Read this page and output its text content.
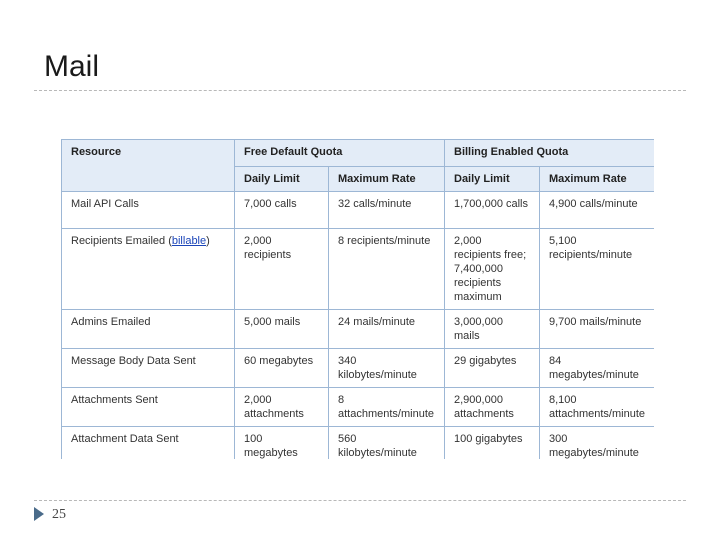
Mail
Resource	Free Default Quota		Billing Enabled Quota	
	Daily Limit	Maximum Rate	Daily Limit	Maximum Rate
Mail API Calls	7,000 calls	32 calls/minute	1,700,000 calls	4,900 calls/minute
Recipients Emailed (billable)	2,000 recipients	8 recipients/minute	2,000 recipients free; 7,400,000 recipients maximum	5,100 recipients/minute
Admins Emailed	5,000 mails	24 mails/minute	3,000,000 mails	9,700 mails/minute
Message Body Data Sent	60 megabytes	340 kilobytes/minute	29 gigabytes	84 megabytes/minute
Attachments Sent	2,000 attachments	8 attachments/minute	2,900,000 attachments	8,100 attachments/minute
Attachment Data Sent	100 megabytes	560 kilobytes/minute	100 gigabytes	300 megabytes/minute
25
